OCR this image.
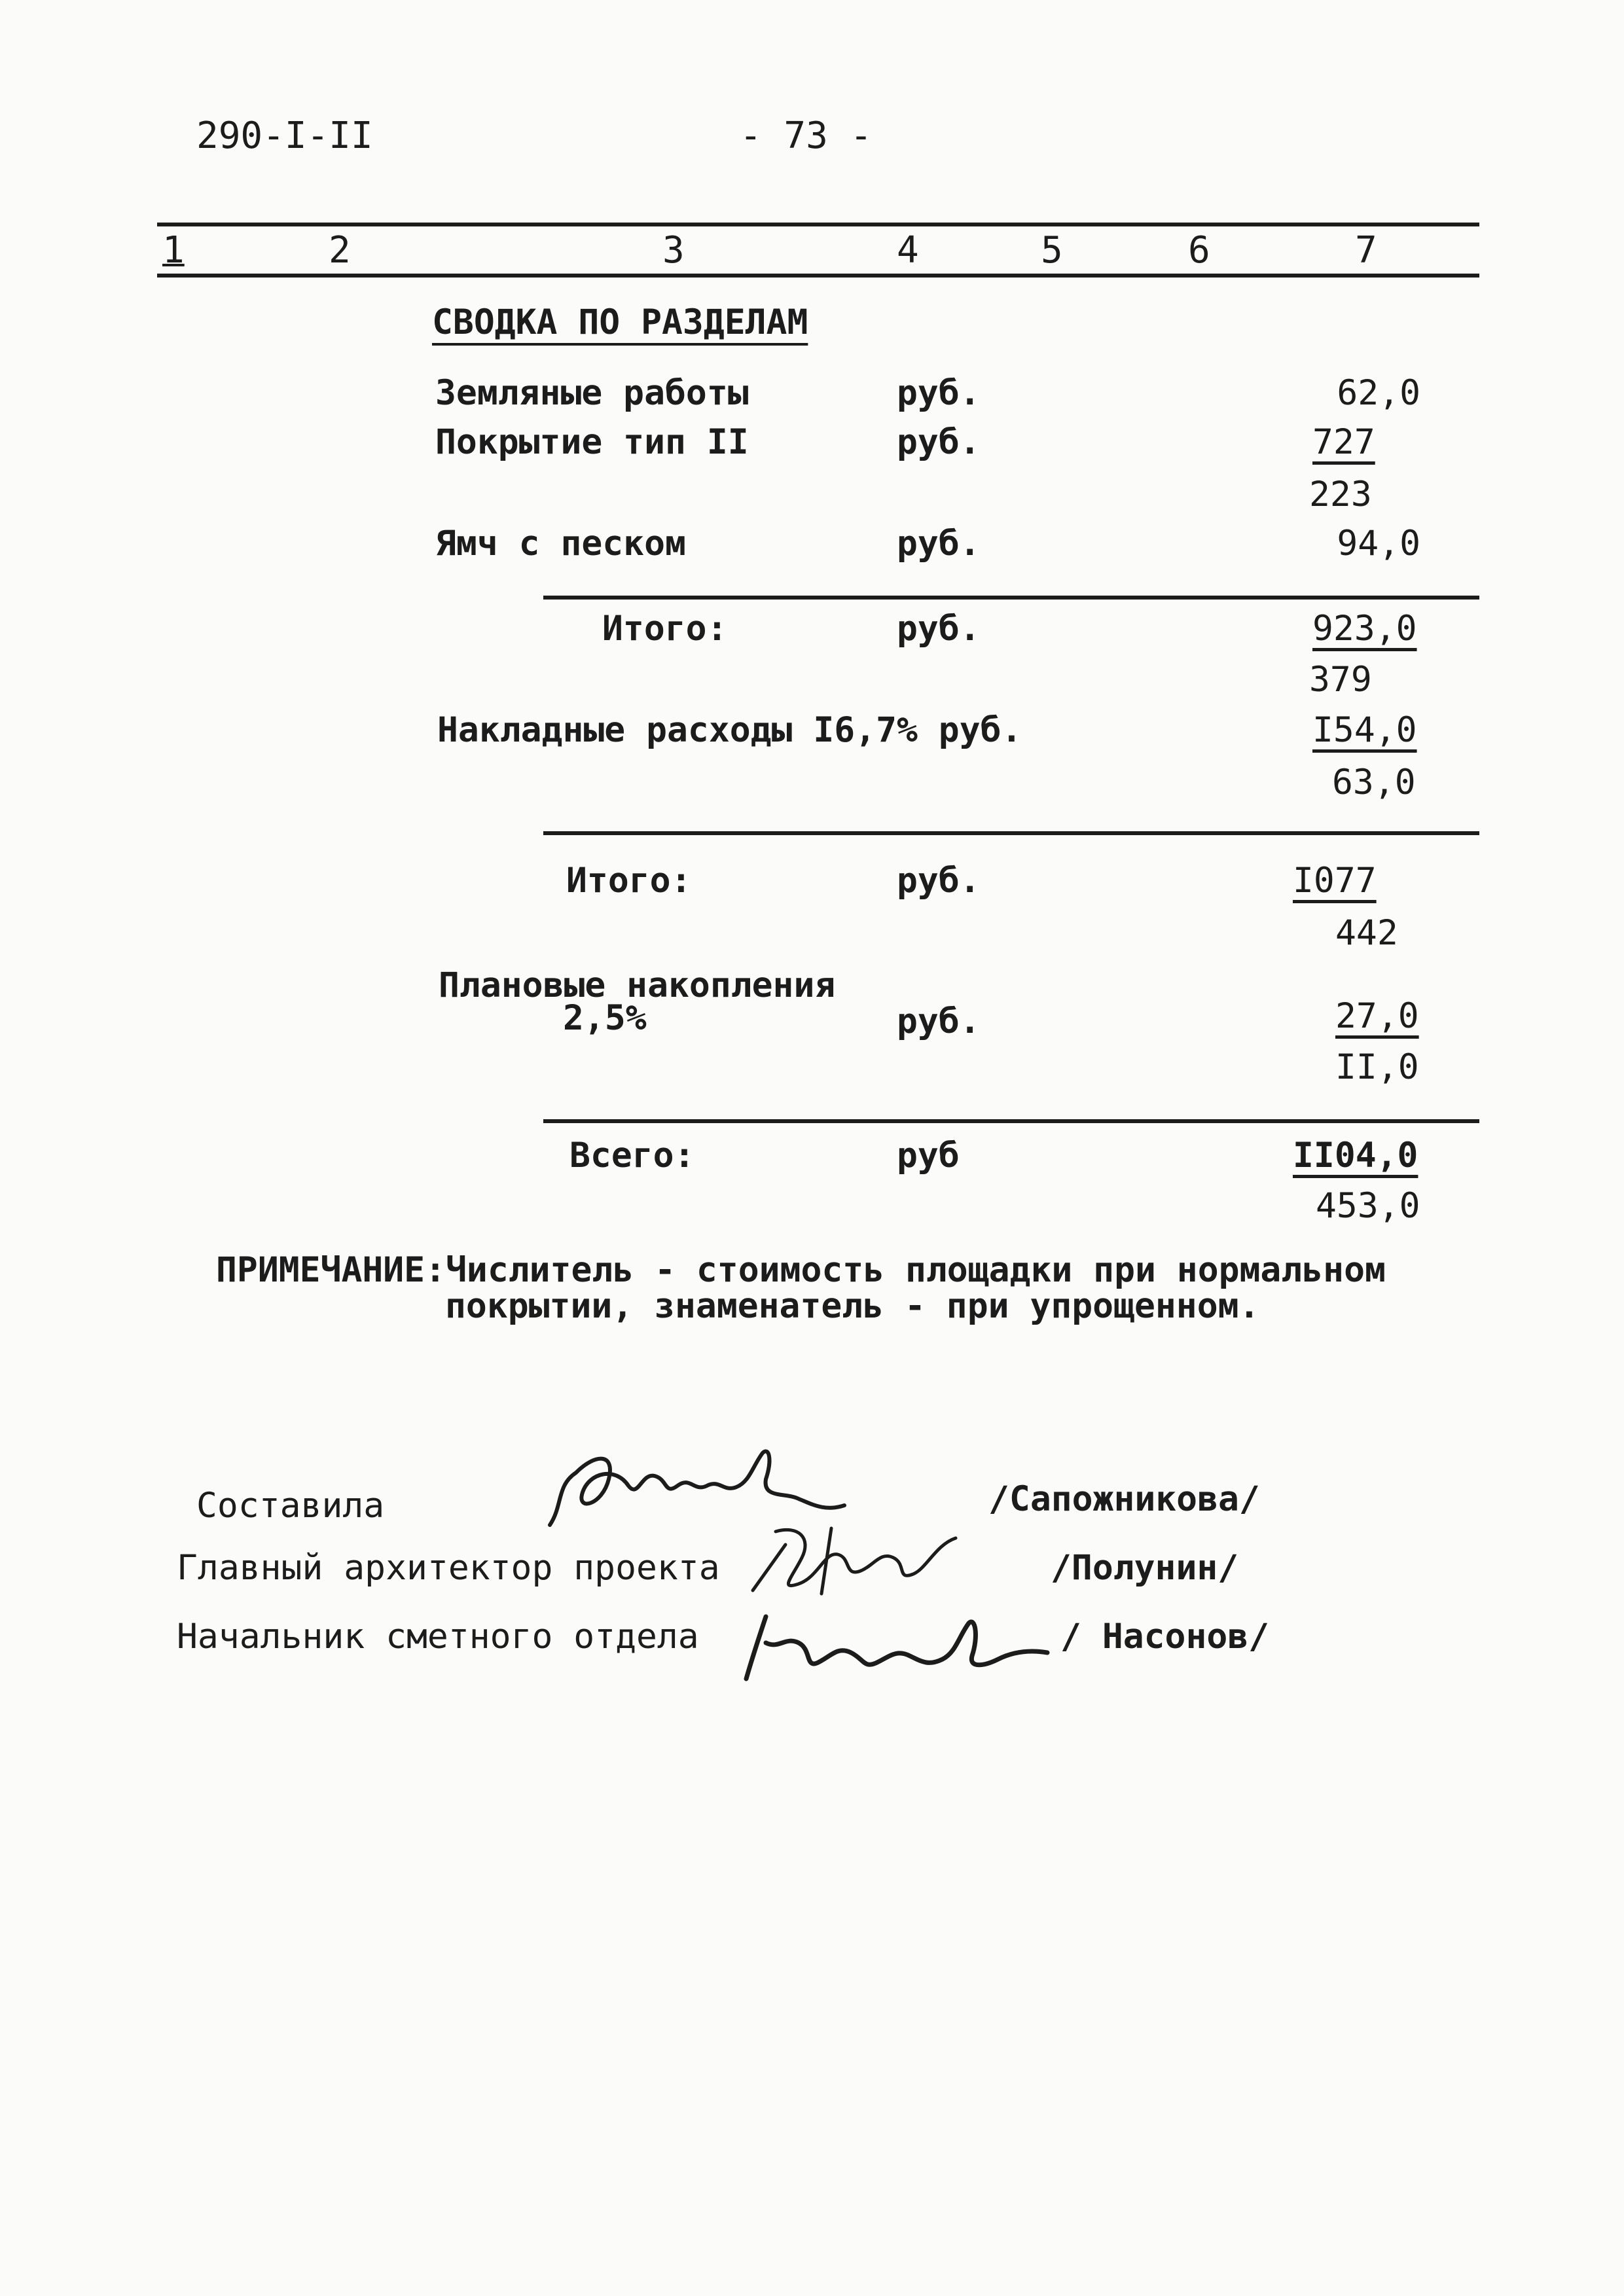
290-I-II	- 73 -
1	2	3	4	5	6	7
СВОДКА ПО РАЗДЕЛАМ
Земляные работы	руб.	62,0
Покрытие тип II	руб.	727
223
Ямч с песком	руб.	94,0
Итого:	руб.	923,0
379
Накладные расходы I6,7% руб.	I54,0
63,0
Итого:	руб.	I077
442
Плановые накопления
2,5%	руб.	27,0
II,0
Всего:	руб	II04,0
453,0
ПРИМЕЧАНИЕ:Числитель - стоимость площадки при нормальном
покрытии, знаменатель - при упрощенном.
Составила	/Сапожникова/
Главный архитектор проекта	/Полунин/
Начальник сметного отдела	/ Насонов/
